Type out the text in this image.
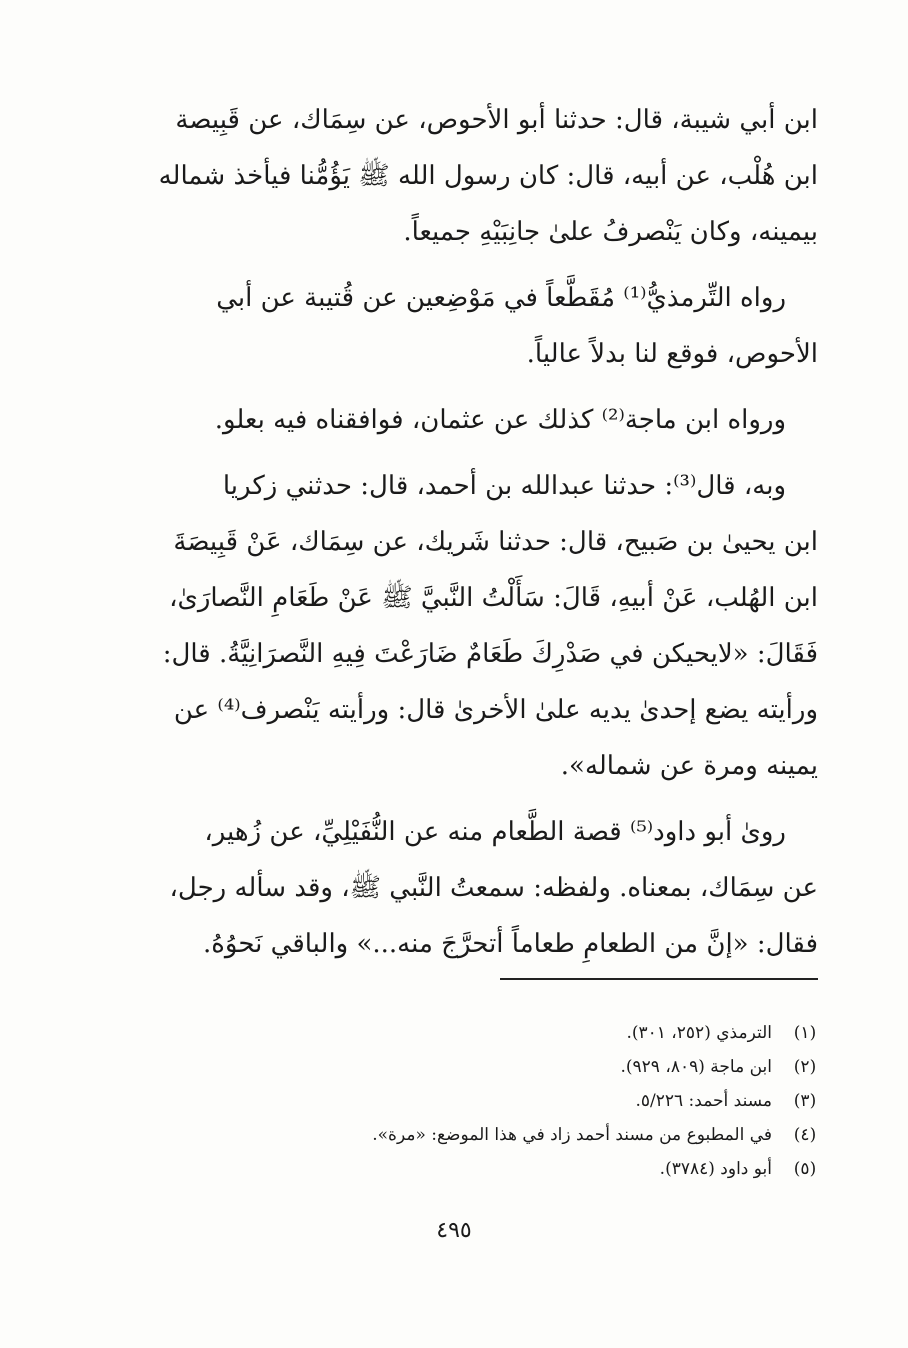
ابن أبي شيبة، قال: حدثنا أبو الأحوص، عن سِمَاك، عن قَبِيصة
ابن هُلْب، عن أبيه، قال: كان رسول الله ﷺ يَؤُمُّنا فيأخذ شماله
بيمينه، وكان يَنْصرفُ علىٰ جانِبَيْهِ جميعاً.
رواه التِّرمذيُّ⁽¹⁾ مُقَطَّعاً في مَوْضِعين عن قُتيبة عن أبي
الأحوص، فوقع لنا بدلاً عالياً.
ورواه ابن ماجة⁽²⁾ كذلك عن عثمان، فوافقناه فيه بعلو.
وبه، قال⁽³⁾: حدثنا عبدالله بن أحمد، قال: حدثني زكريا
ابن يحيىٰ بن صَبيح، قال: حدثنا شَريك، عن سِمَاك، عَنْ قَبِيصَةَ
ابن الهُلب، عَنْ أبيهِ، قَالَ: سَأَلْتُ النَّبيَّ ﷺ عَنْ طَعَامِ النَّصارَىٰ،
فَقَالَ: «لايحيكن في صَدْرِكَ طَعَامٌ ضَارَعْتَ فِيهِ النَّصرَانِيَّةُ. قال:
ورأيته يضع إحدىٰ يديه علىٰ الأخرىٰ قال: ورأيته يَنْصرف⁽⁴⁾ عن
يمينه ومرة عن شماله».
روىٰ أبو داود⁽⁵⁾ قصة الطَّعام منه عن النُّفَيْلِيِّ، عن زُهير،
عن سِمَاك، بمعناه. ولفظه: سمعتُ النَّبي ﷺ، وقد سأله رجل،
فقال: «إنَّ من الطعامِ طعاماً أتحرَّجَ منه...» والباقي نَحوُهُ.
(١)
الترمذي (٢٥٢، ٣٠١).
(٢)
ابن ماجة (٨٠٩، ٩٢٩).
(٣)
مسند أحمد: ٥/٢٢٦.
(٤)
في المطبوع من مسند أحمد زاد في هذا الموضع: «مرة».
(٥)
أبو داود (٣٧٨٤).
٤٩٥
